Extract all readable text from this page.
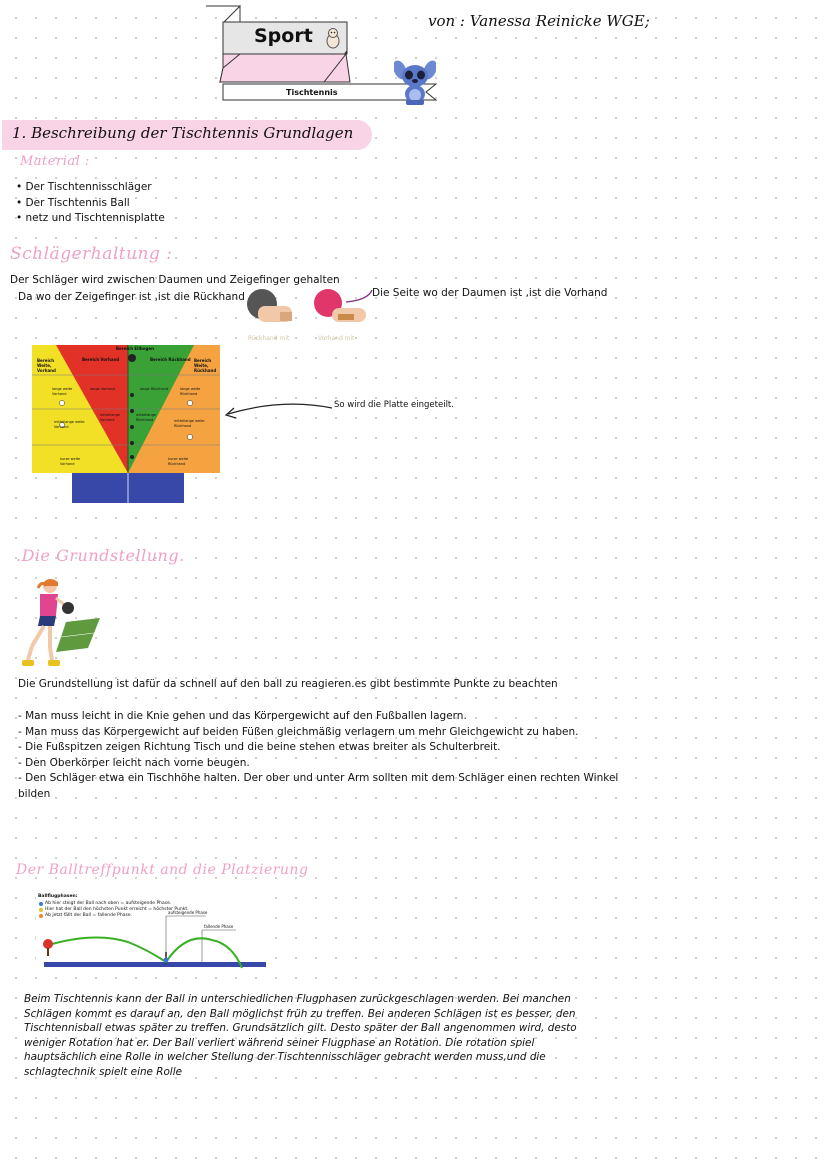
Sport
Tischtennis
von : Vanessa Reinicke WGE;
1. Beschreibung der Tischtennis Grundlagen
Material :
• Der Tischtennisschläger
• Der Tischtennis Ball
• netz und Tischtennisplatte
Schlägerhaltung :
Der Schläger wird zwischen Daumen und Zeigefinger gehalten
Da wo der Zeigefinger ist ,ist die Rückhand	Die Seite wo der Daumen ist ,ist die Vorhand
Rückhand mit	Vorhand mit
Bereich Ellbogen
Bereich Weite, Vorhand
Bereich Vorhand	Bereich Rückhand Bereich Weite, Rückhand
lange weite Vorhand
lange Vorhand	lange Rückhand	lange weite Rückhand
mittellange Vorhand
mittellange Rückhand
mittellange weite Vorhand
mittellange weite Rückhand
kurze weite Vorhand
kurze weite Rückhand
So wird die Platte eingeteilt.
.Die Grundstellung.
Die Grundstellung ist dafür da schnell auf den ball zu reagieren.es gibt bestimmte Punkte zu beachten
- Man muss leicht in die Knie gehen und das Körpergewicht auf den Fußballen lagern.
- Man muss das Körpergewicht auf beiden Füßen gleichmäßig verlagern um mehr Gleichgewicht zu haben.
- Die Fußspitzen zeigen Richtung Tisch und die beine stehen etwas breiter als Schulterbreit.
- Den Oberkörper leicht nach vorne beugen.
- Den Schläger etwa ein Tischhöhe halten. Der ober und unter Arm sollten mit dem Schläger einen rechten Winkel
bilden
Der Balltreffpunkt and die Platzierung
Ballflugphasen:
Ab hier steigt der Ball nach oben = aufsteigende Phase.
Hier hat der Ball den höchsten Punkt erreicht = höchster Punkt.
Ab jetzt fällt der Ball = fallende Phase.
aufsteigende Phase
fallende Phase
Beim Tischtennis kann der Ball in unterschiedlichen Flugphasen zurückgeschlagen werden. Bei manchen
Schlägen kommt es darauf an, den Ball möglichst früh zu treffen. Bei anderen Schlägen ist es besser, den
Tischtennisball etwas später zu treffen. Grundsätzlich gilt. Desto später der Ball angenommen wird, desto
weniger Rotation hat er. Der Ball verliert während seiner Flugphase an Rotation. Die rotation spiel
hauptsächlich eine Rolle in welcher Stellung der Tischtennisschläger gebracht werden muss,und die
schlagtechnik spielt eine Rolle
